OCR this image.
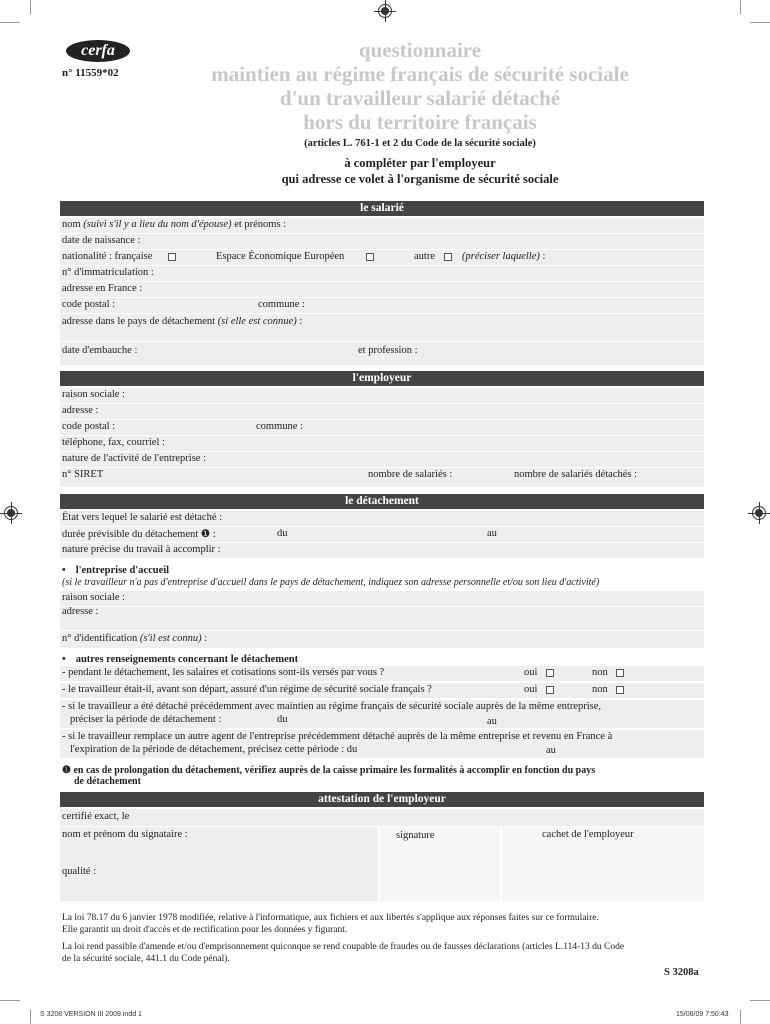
cerfa
n° 11559*02
questionnaire
maintien au régime français de sécurité sociale
d'un travailleur salarié détaché
hors du territoire français
(articles L. 761-1 et 2 du Code de la sécurité sociale)
à compléter par l'employeur
qui adresse ce volet à l'organisme de sécurité sociale
le salarié
nom (suivi s'il y a lieu du nom d'épouse) et prénoms :
date de naissance :
nationalité : française	Espace Économique Européen	autre	(préciser laquelle) :
n° d'immatriculation :
adresse en France :
code postal :	commune :
adresse dans le pays de détachement (si elle est connue) :
date d'embauche :	et profession :
l'employeur
raison sociale :
adresse :
code postal :	commune :
téléphone, fax, courriel :
nature de l'activité de l'entreprise :
n° SIRET	nombre de salariés :	nombre de salariés détachés :
le détachement
État vers lequel le salarié est détaché :
durée prévisible du détachement ❶ :	du	au
nature précise du travail à accomplir :
• l'entreprise d'accueil
(si le travailleur n'a pas d'entreprise d'accueil dans le pays de détachement, indiquez son adresse personnelle et/ou son lieu d'activité)
raison sociale :
adresse :
n° d'identification (s'il est connu) :
• autres renseignements concernant le détachement
- pendant le détachement, les salaires et cotisations sont-ils versés par vous ?	oui	non
- le travailleur était-il, avant son départ, assuré d'un régime de sécurité sociale français ?	oui	non
- si le travailleur a été détaché précédemment avec maintien au régime français de sécurité sociale auprès de la même entreprise,
préciser la période de détachement :	du	au
- si le travailleur remplace un autre agent de l'entreprise précédemment détaché auprès de la même entreprise et revenu en France à
l'expiration de la période de détachement, précisez cette période : du	au
❶ en cas de prolongation du détachement, vérifiez auprès de la caisse primaire les formalités à accomplir en fonction du pays
de détachement
attestation de l'employeur
certifié exact, le
nom et prénom du signataire :	signature	cachet de l'employeur
qualité :
La loi 78.17 du 6 janvier 1978 modifiée, relative à l'informatique, aux fichiers et aux libertés s'applique aux réponses faites sur ce formulaire.
Elle garantit un droit d'accès et de rectification pour les données y figurant.
La loi rend passible d'amende et/ou d'emprisonnement quiconque se rend coupable de fraudes ou de fausses déclarations (articles L.114-13 du Code
de la sécurité sociale, 441.1 du Code pénal).
S 3208a
S 3208 VERSION III 2009.indd 1	15/06/09 7:50:43
